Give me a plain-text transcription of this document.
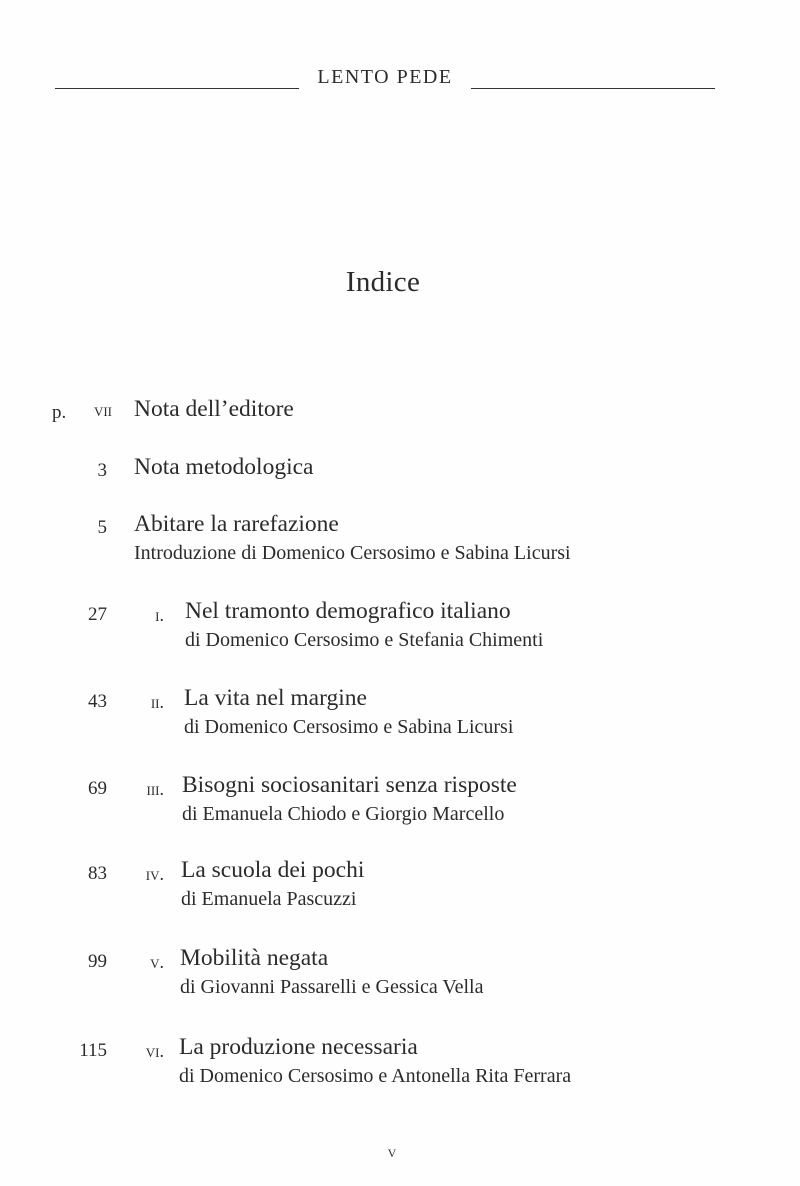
LENTO PEDE
Indice
p. vii Nota dell’editore
3 Nota metodologica
5 Abitare la rarefazione
Introduzione di Domenico Cersosimo e Sabina Licursi
27	i. Nel tramonto demografico italiano
di Domenico Cersosimo e Stefania Chimenti
43 ii. La vita nel margine
di Domenico Cersosimo e Sabina Licursi
69 iii. Bisogni sociosanitari senza risposte
di Emanuela Chiodo e Giorgio Marcello
83 iv. La scuola dei pochi
di Emanuela Pascuzzi
99 v. Mobilità negata
di Giovanni Passarelli e Gessica Vella
115 vi. La produzione necessaria
di Domenico Cersosimo e Antonella Rita Ferrara
v
